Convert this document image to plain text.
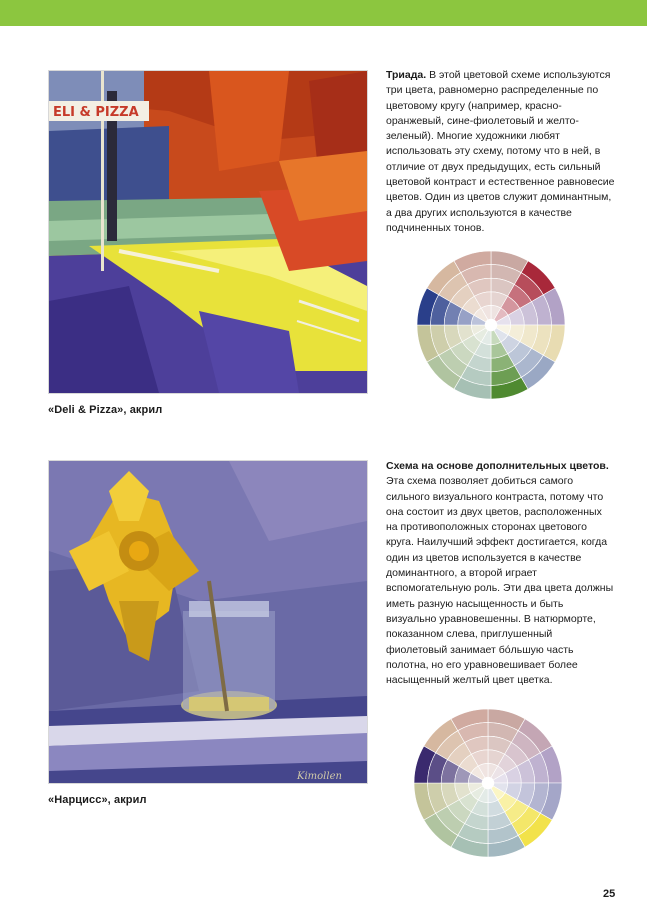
ELI & PIZZA
«Deli & Pizza», акрил
Триада. В этой цветовой схеме используются три цвета, равномерно распределенные по цветовому кругу (например, красно-оранжевый, сине-фиолетовый и желто-зеленый). Многие художники любят использовать эту схему, потому что в ней, в отличие от двух предыдущих, есть сильный цветовой контраст и естественное равновесие цветов. Один из цветов служит доминантным, а два других используются в качестве подчиненных тонов.
Kimollen
«Нарцисс», акрил
Схема на основе дополнительных цветов. Эта схема позволяет добиться самого сильного визуального контраста, потому что она состоит из двух цветов, расположенных на противоположных сторонах цветового круга. Наилучший эффект достигается, когда один из цветов используется в качестве доминантного, а второй играет вспомогательную роль. Эти два цвета должны иметь разную насыщенность и быть визуально уравновешенны. В натюрморте, показанном слева, приглушенный фиолетовый занимает бо́льшую часть полотна, но его уравновешивает более насыщенный желтый цвет цветка.
25
